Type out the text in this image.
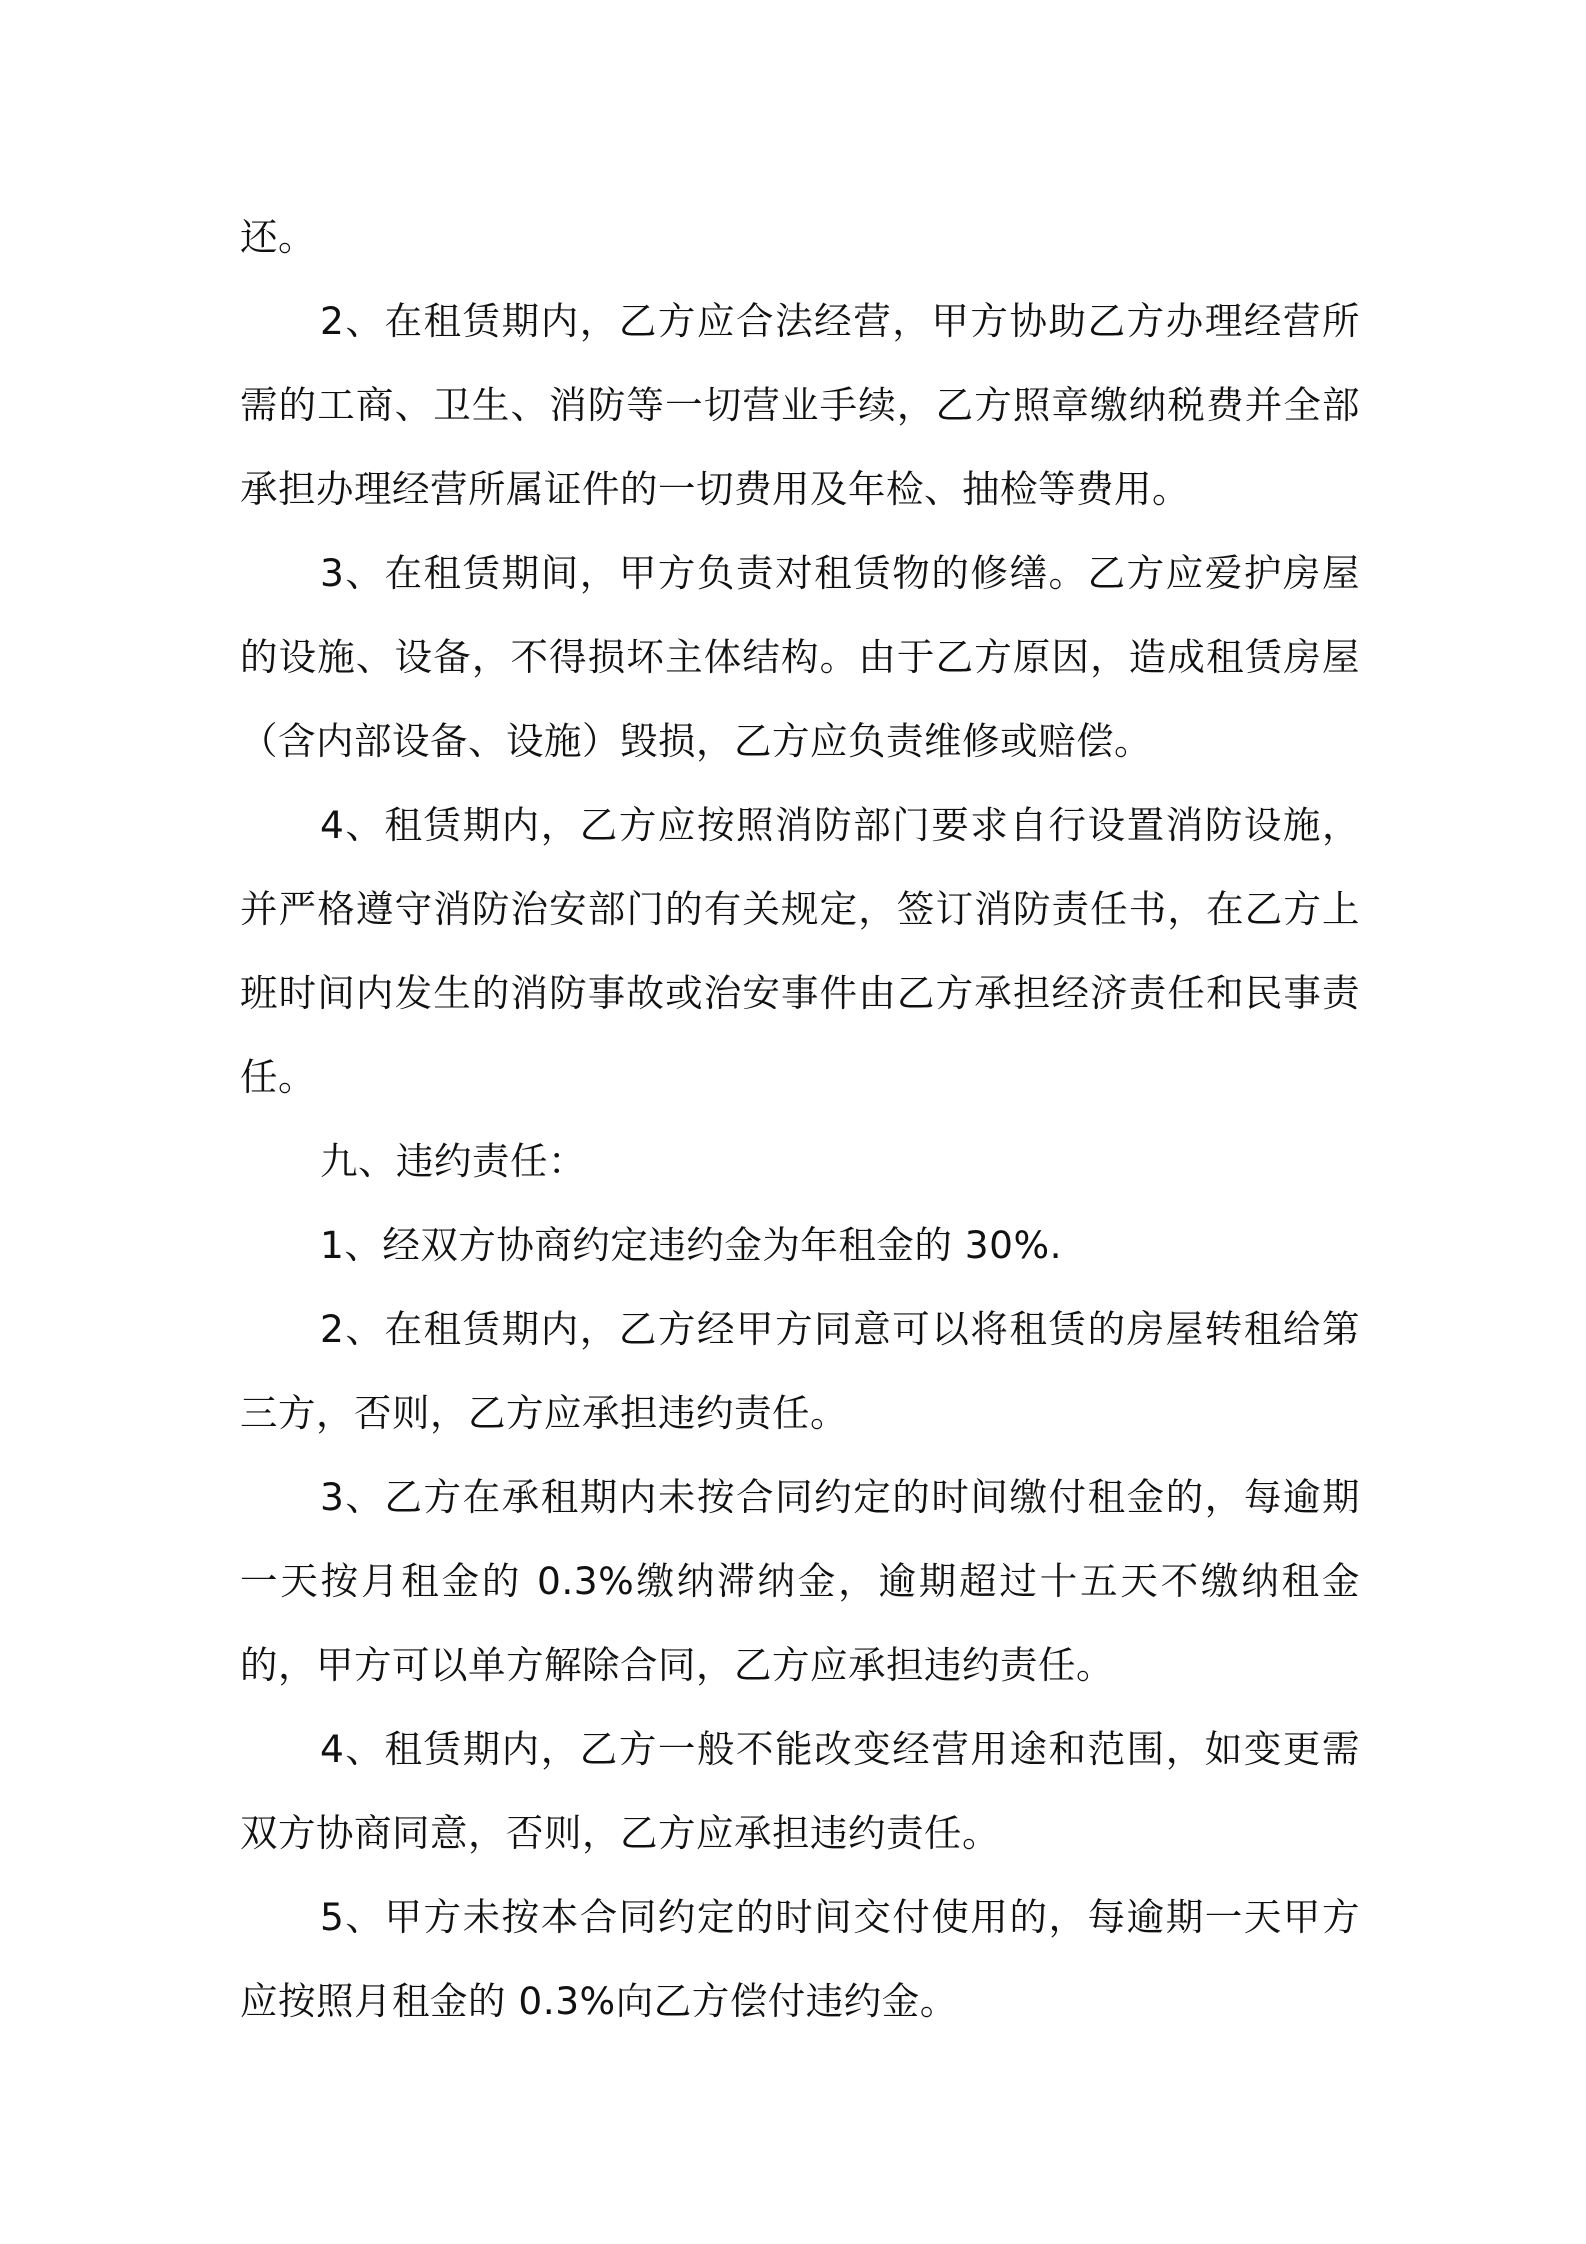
还。

2、在租赁期内，乙方应合法经营，甲方协助乙方办理经营所需的工商、卫生、消防等一切营业手续，乙方照章缴纳税费并全部承担办理经营所属证件的一切费用及年检、抽检等费用。

3、在租赁期间，甲方负责对租赁物的修缮。乙方应爱护房屋的设施、设备，不得损坏主体结构。由于乙方原因，造成租赁房屋（含内部设备、设施）毁损，乙方应负责维修或赔偿。

4、租赁期内，乙方应按照消防部门要求自行设置消防设施，并严格遵守消防治安部门的有关规定，签订消防责任书，在乙方上班时间内发生的消防事故或治安事件由乙方承担经济责任和民事责任。

九、违约责任：

1、经双方协商约定违约金为年租金的 30%.

2、在租赁期内，乙方经甲方同意可以将租赁的房屋转租给第三方，否则，乙方应承担违约责任。

3、乙方在承租期内未按合同约定的时间缴付租金的，每逾期一天按月租金的 0.3%缴纳滞纳金，逾期超过十五天不缴纳租金的，甲方可以单方解除合同，乙方应承担违约责任。

4、租赁期内，乙方一般不能改变经营用途和范围，如变更需双方协商同意，否则，乙方应承担违约责任。

5、甲方未按本合同约定的时间交付使用的，每逾期一天甲方应按照月租金的 0.3%向乙方偿付违约金。
